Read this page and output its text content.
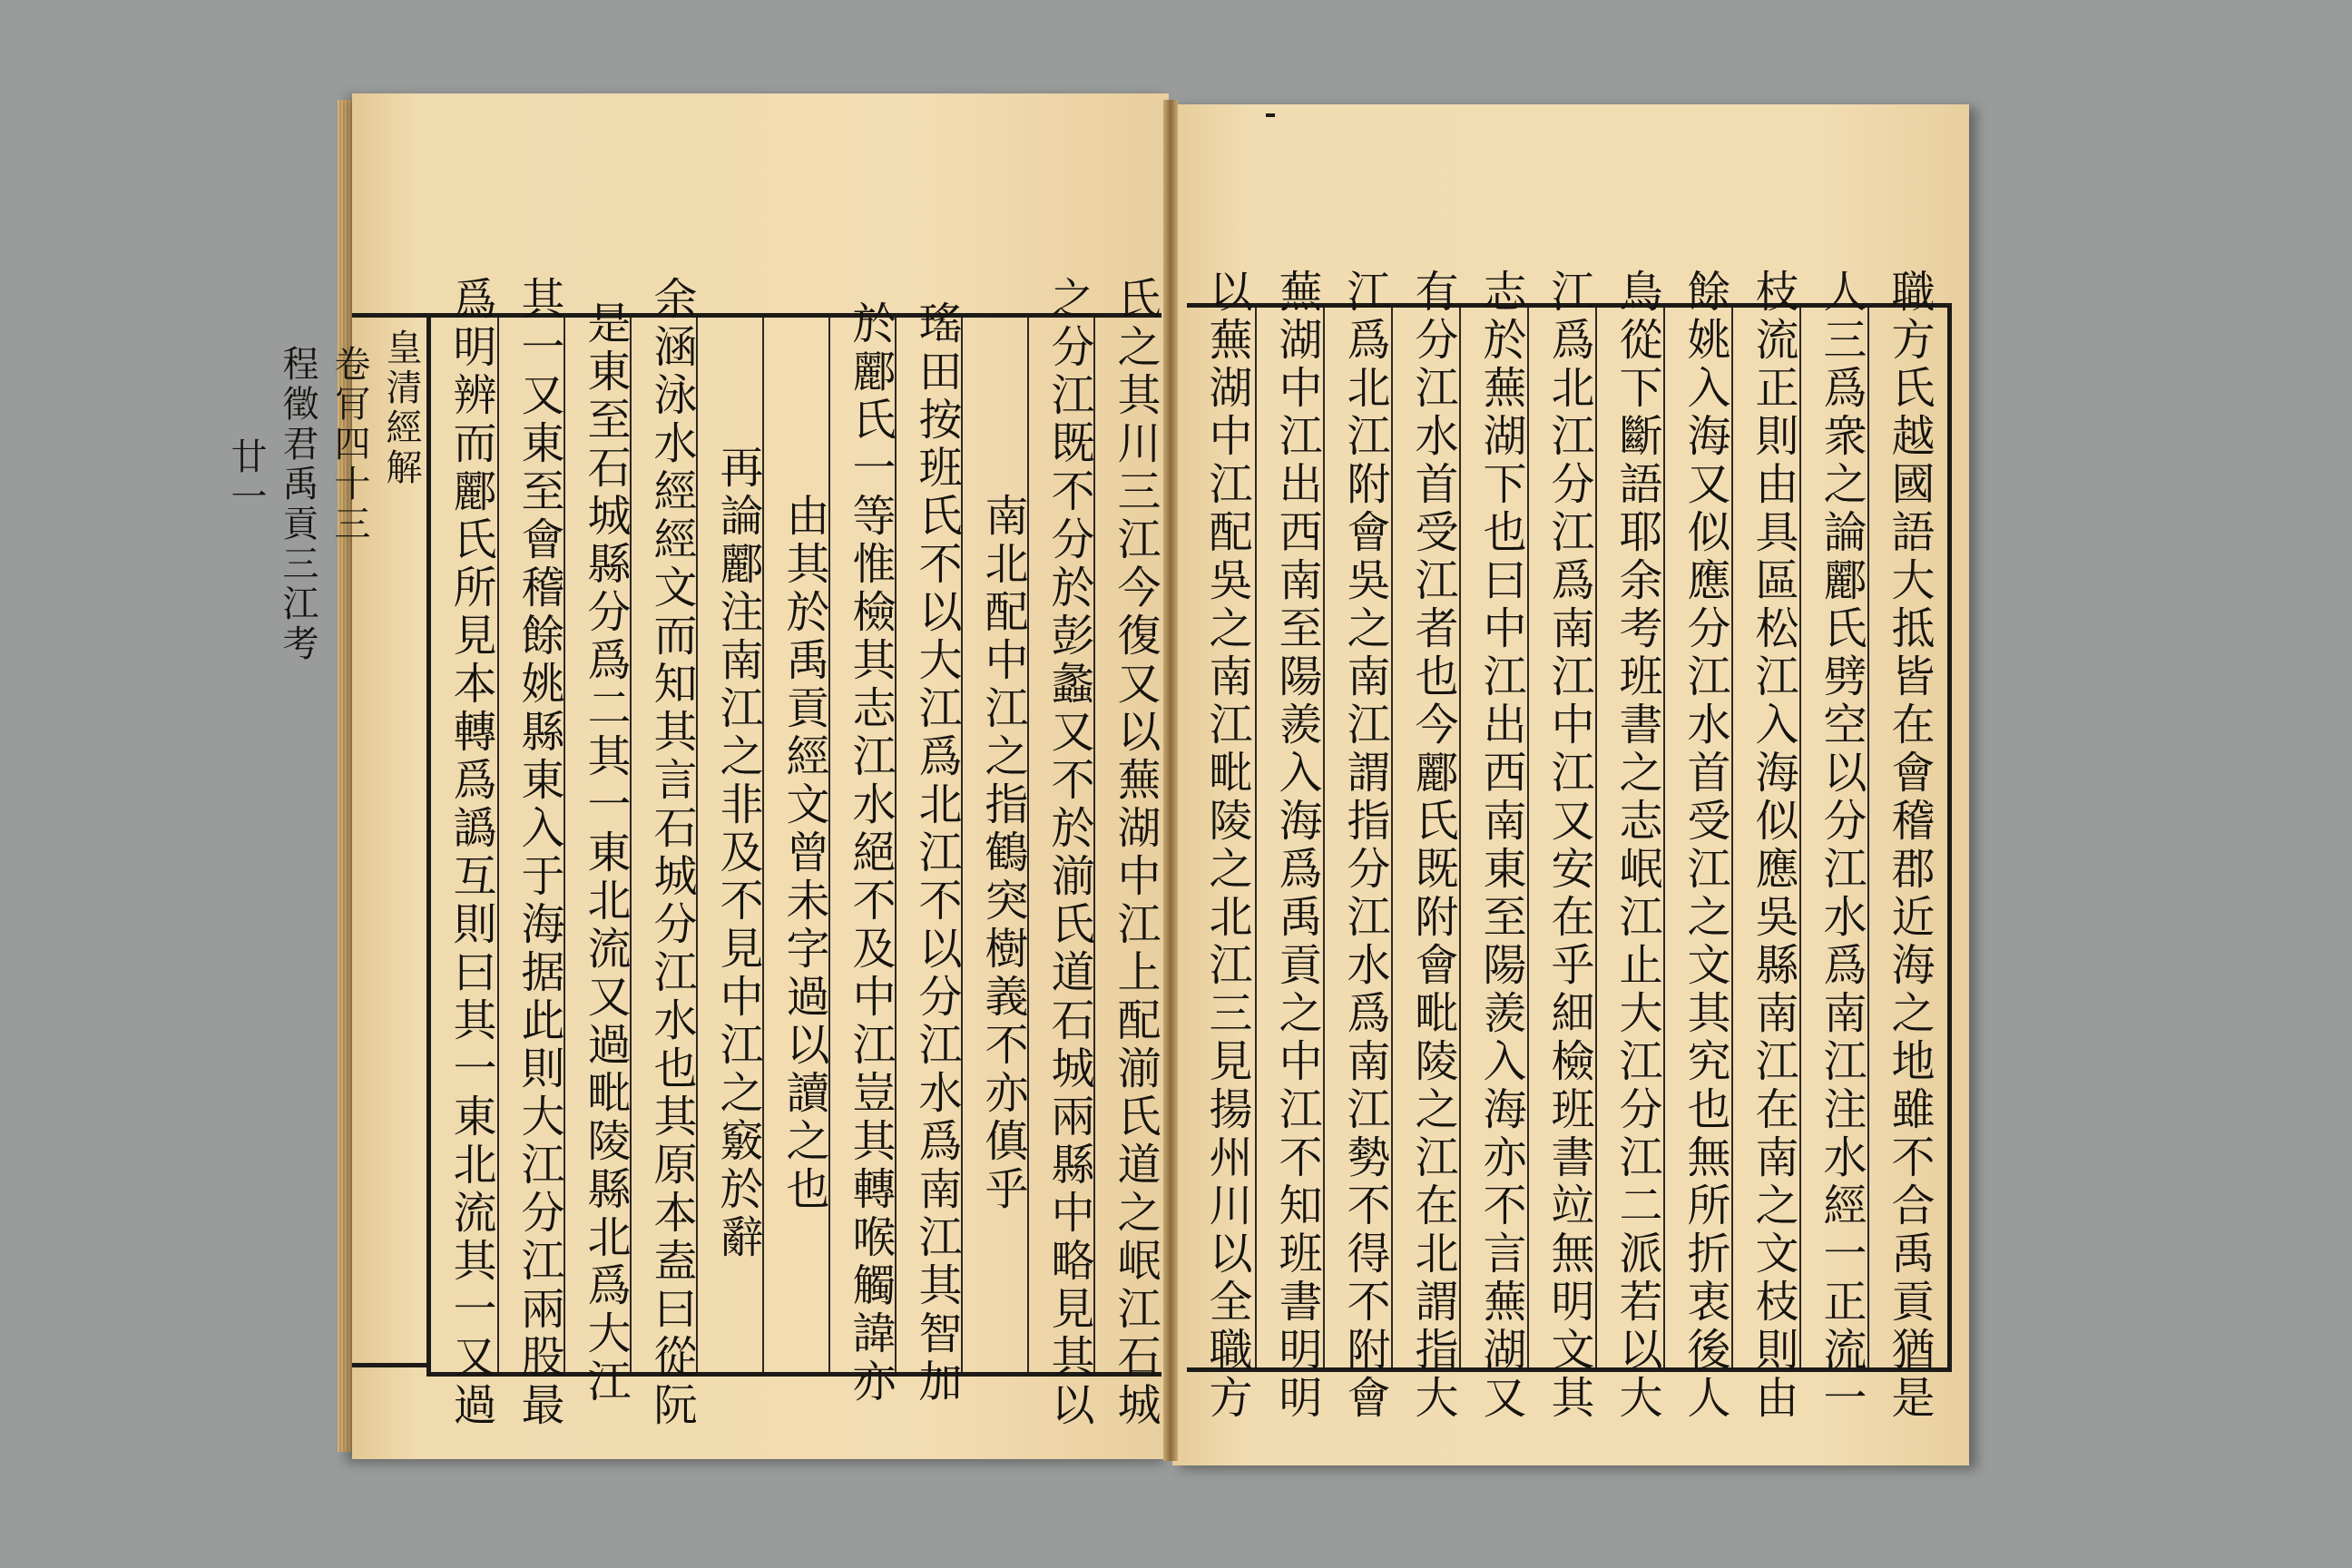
皇清經解
卷肎四十三
程徵君禹貢三江考
廿一	爲明辨而酈氏所見本轉爲譌互則曰其一東北流其一又過 其一又東至會稽餘姚縣東入于海据此則大江分江兩股最 是東至石城縣分爲二其一東北流又過毗陵縣北爲大江 余涵泳水經經文而知其言石城分江水也其原本盍曰從阮 再論酈注南江之非及不見中江之竅於辭 由其於禹貢經文曾未字過以讀之也 於酈氏一等惟檢其志江水絕不及中江豈其轉喉觸諱亦 瑤田按班氏不以大江爲北江不以分江水爲南江其智加 南北配中江之指鶴突樹義不亦傎乎 之分江既不分於彭蠡又不於湔氏道石城兩縣中略見其以 氏之其川三江今復又以蕪湖中江上配湔氏道之岷江石城 以蕪湖中江配吳之南江毗陵之北江三見揚州川以全職方 蕪湖中江出西南至陽羨入海爲禹貢之中江不知班書明明 江爲北江附會吳之南江謂指分江水爲南江勢不得不附會 有分江水首受江者也今酈氏既附會毗陵之江在北謂指大 志於蕪湖下也曰中江出西南東至陽羨入海亦不言蕪湖又 江爲北江分江爲南江中江又安在乎細檢班書竝無明文其 鳥從下斷語耶余考班書之志岷江止大江分江二派若以大 餘姚入海又似應分江水首受江之文其究也無所折衷後人 枝流正則由具區松江入海似應吳縣南江在南之文枝則由 人三爲衆之論酈氏劈空以分江水爲南江注水經一正流一 職方氏越國語大抵皆在會稽郡近海之地雖不合禹貢猶是
